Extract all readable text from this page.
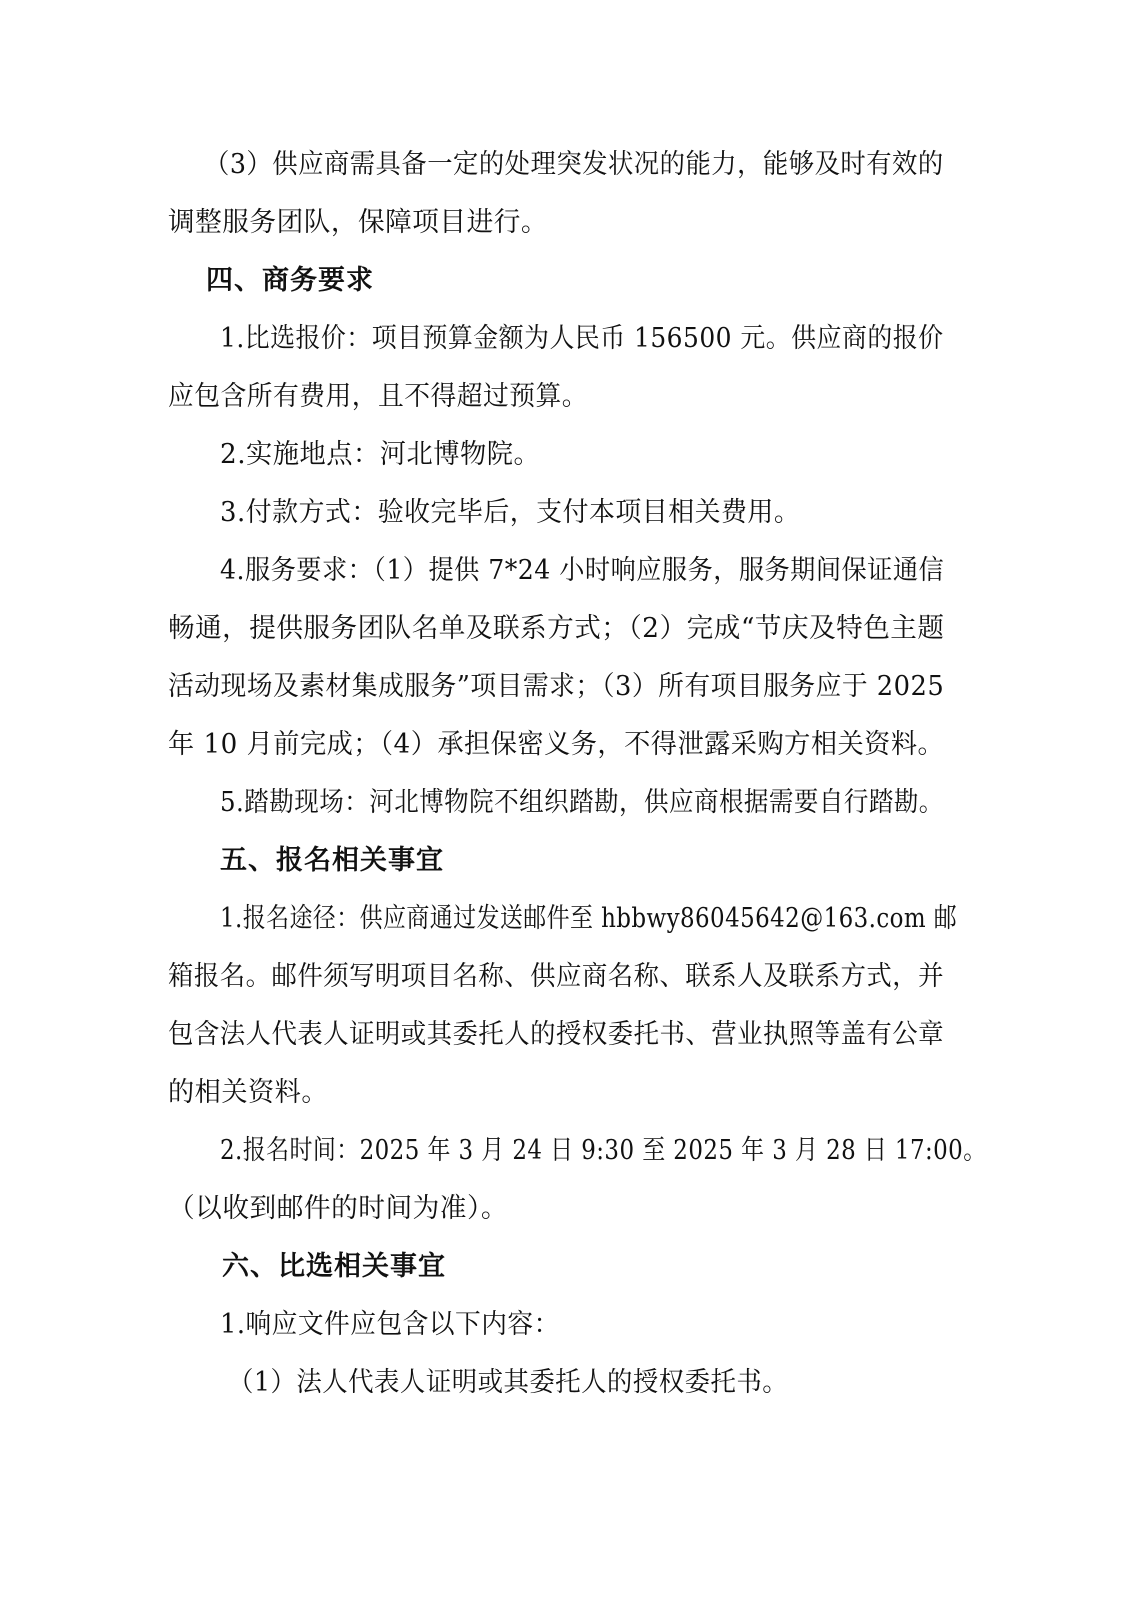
（3）供应商需具备一定的处理突发状况的能力，能够及时有效的
调整服务团队，保障项目进行。
四、商务要求
1.比选报价：项目预算金额为人民币 156500 元。供应商的报价
应包含所有费用，且不得超过预算。
2.实施地点：河北博物院。
3.付款方式：验收完毕后，支付本项目相关费用。
4.服务要求：（1）提供 7*24 小时响应服务，服务期间保证通信
畅通，提供服务团队名单及联系方式；（2）完成“节庆及特色主题
活动现场及素材集成服务”项目需求；（3）所有项目服务应于 2025
年 10 月前完成；（4）承担保密义务，不得泄露采购方相关资料。
5.踏勘现场：河北博物院不组织踏勘，供应商根据需要自行踏勘。
五、报名相关事宜
1.报名途径：供应商通过发送邮件至 hbbwy86045642@163.com 邮
箱报名。邮件须写明项目名称、供应商名称、联系人及联系方式，并
包含法人代表人证明或其委托人的授权委托书、营业执照等盖有公章
的相关资料。
2.报名时间：2025 年 3 月 24 日 9:30 至 2025 年 3 月 28 日 17:00。
（以收到邮件的时间为准）。
六、比选相关事宜
1.响应文件应包含以下内容：
（1）法人代表人证明或其委托人的授权委托书。
